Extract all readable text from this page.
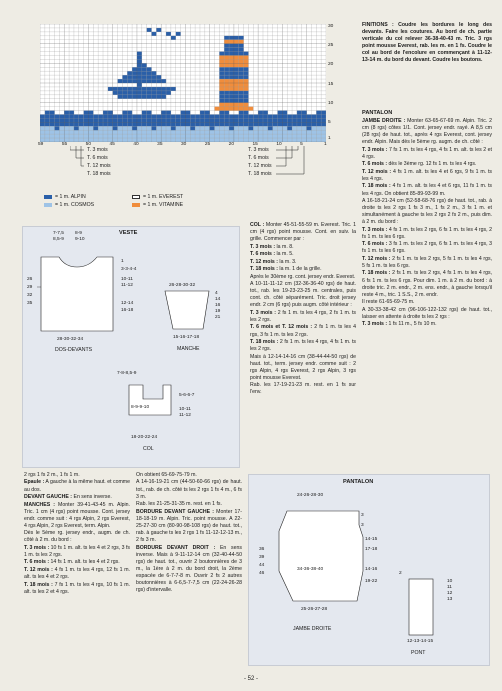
30
25
20
15
10
5
1
59	55	50	45	40	35	30	25	20	15	10	5	1
T. 3 mois
T. 6 mois
T. 12 mois
T. 18 mois
T. 3 mois
T. 6 mois
T. 12 mois
T. 18 mois
= 1 m. ALPIN
= 1 m. COSMOS
= 1 m. EVEREST
= 1 m. VITAMINE

FINITIONS : Coudre les bordures le long des devants. Faire les coutures. Au bord de ch. partie verticale du col relever 36-38-40-43 m. Tric. 3 rgs point mousse Everest, rab. les m. en 1 fs. Coudre le col au bord de l'encolure en commençant à 11-12-13-14 m. du bord du devant. Coudre les boutons.

PANTALON

JAMBE DROITE : Monter 63-65-67-69 m. Alpin. Tric. 2 cm (8 rgs) côtes 1/1. Cont. jersey endr. rayé. A 8,5 cm (28 rgs) de haut. tot., après 4 rgs Everest, cont. jersey endr. Alpin. Mais dès le 5ème rg. augm. de ch. côté :

T. 3 mois : 7 fs 1 m. ts les 4 rgs, 4 fs 1 m. alt. ts les 2 et 4 rgs.

T. 6 mois : dès le 3ème rg. 12 fs 1 m. ts les 4 rgs.

T. 12 mois : 4 fs 1 m. alt. ts les 4 et 6 rgs, 9 fs 1 m. ts les 4 rgs.

T. 18 mois : 4 fs 1 m. alt. ts les 4 et 6 rgs, 11 fs 1 m. ts les 4 rgs. On obtient 85-89-93-99 m.

A 16-18-21-24 cm (52-58-68-76 rgs) de haut. tot., rab. à droite ts les 2 rgs 1 fs 3 m., 1 fs 2 m., 3 fs 1 m. et simultanément à gauche ts les 2 rgs 2 fs 2 m., puis dim. à 2 m. du bord :

T. 3 mois : 4 fs 1 m. ts les 2 rgs, 6 fs 1 m. ts les 4 rgs, 2 fs 1 m. ts les 6 rgs.

T. 6 mois : 3 fs 1 m. ts les 2 rgs, 6 fs 1 m. ts les 4 rgs, 3 fs 1 m. ts les 6 rgs.

T. 12 mois : 2 fs 1 m. ts les 2 rgs, 5 fs 1 m. ts les 4 rgs, 5 fs 1 m. ts les 6 rgs.

T. 18 mois : 2 fs 1 m. ts les 2 rgs, 4 fs 1 m. ts les 4 rgs, 6 fs 1 m. ts les 6 rgs. Pour dim. 1 m. à 2 m. du bord : à droite tric. 2 m. endr., 2 m. ens. endr., à gauche lorsqu'il reste 4 m., tric. 1 S.S., 2 m. endr.

Il reste 61-65-69-75 m.

A 30-33-38-42 cm (96-106-122-132 rgs) de haut. tot., laisser en attente à droite ts les 2 rgs :

T. 3 mois : 1 fs 11 m., 5 fs 10 m.

VESTE
7-7,5 8-9
8,5-9 9-10
1
3-3-4-4
10-11
11-12
12-14
16-18
26
29
32
35
28-30-32-34
DOS-DEVANTS
26-28-30-32
4
14
16
19
21
15-16-17-18
MANCHE
7-8-8,5-9
8-9-9-10
5-6-6-7
10-11
11-12
18-20-22-24
COL

COL : Monter 45-51-55-59 m. Everest. Tric. 1 cm (4 rgs) point mousse. Cont. en suiv. la grille. Commencer par :

T. 3 mois : la m. 8.

T. 6 mois : la m. 5.

T. 12 mois : la m. 3.

T. 18 mois : la m. 1 de la grille.

Après le 30ème rg. cont. jersey endr. Everest.

A 10-11-11-12 cm (32-36-36-40 rgs) de haut. tot., rab. les 19-23-23-25 m. centrales, puis cont. ch. côté séparément. Tric. droit jersey endr. 2 cm (6 rgs) puis augm. côté intérieur :

T. 3 mois : 2 fs 1 m. ts les 4 rgs, 2 fs 1 m. ts les 2 rgs.

T. 6 mois et T. 12 mois : 2 fs 1 m. ts les 4 rgs, 3 fs 1 m. ts les 2 rgs.

T. 18 mois : 2 fs 1 m. ts les 4 rgs, 4 fs 1 m. ts les 2 rgs.

Mais à 12-14-14-16 cm (38-44-44-50 rgs) de haut. tot., term. jersey endr. comme suit : 2 rgs Alpin, 4 rgs Everest, 2 rgs Alpin, 3 rgs point mousse Everest.

Rab. les 17-19-21-23 m. rest. en 1 fs sur l'env.

2 rgs 1 fs 2 m., 1 fs 1 m.

Epaule : A gauche à la même haut. et comme au dos.

DEVANT GAUCHE : En sens inverse.

MANCHES : Monter 39-41-43-45 m. Alpin. Tric. 1 cm (4 rgs) point mousse. Cont. jersey endr. comme suit : 4 rgs Alpin, 2 rgs Everest, 4 rgs Alpin, 2 rgs Everest, term. Alpin.

Dès le 5ème rg. jersey endr., augm. de ch. côté à 2 m. du bord :

T. 3 mois : 10 fs 1 m. alt. ts les 4 et 2 rgs, 3 fs 1 m. ts les 2 rgs.

T. 6 mois : 14 fs 1 m. alt. ts les 4 et 2 rgs.

T. 12 mois : 4 fs 1 m. ts les 4 rgs, 12 fs 1 m. alt. ts les 4 et 2 rgs.

T. 18 mois : 7 fs 1 m. ts les 4 rgs, 10 fs 1 m. alt. ts les 2 et 4 rgs.

On obtient 65-69-75-79 m.

A 14-16-19-21 cm (44-50-60-66 rgs) de haut. tot., rab. de ch. côté ts les 2 rgs 1 fs 4 m., 6 fs 3 m.

Rab. les 21-25-31-35 m. rest. en 1 fs.

BORDURE DEVANT GAUCHE : Monter 17-18-18-19 m. Alpin. Tric. point mousse. A 22-25-27-30 cm (80-90-98-108 rgs) de haut. tot., rab. à gauche ts les 2 rgs 1 fs 11-12-12-13 m., 2 fs 3 m.

BORDURE DEVANT DROIT : En sens inverse. Mais à 9-11-12-14 cm (32-40-44-50 rgs) de haut. tot., ouvrir 2 boutonnières de 3 m., la 1ère à 2 m. du bord droit, la 2ème espacée de 6-7-7-8 m. Ouvrir 2 fs 2 autres boutonnières à 6-6,5-7-7,5 cm (22-24-26-28 rgs) d'intervalle.

PANTALON
24-26-28-30
3
3
14-15
17-18
14-16
19-22
36
39
44
46
34-36-38-40
25-26-27-28
JAMBE DROITE
10
11
12
13
2
12-13-14-15
PONT
- 52 -
